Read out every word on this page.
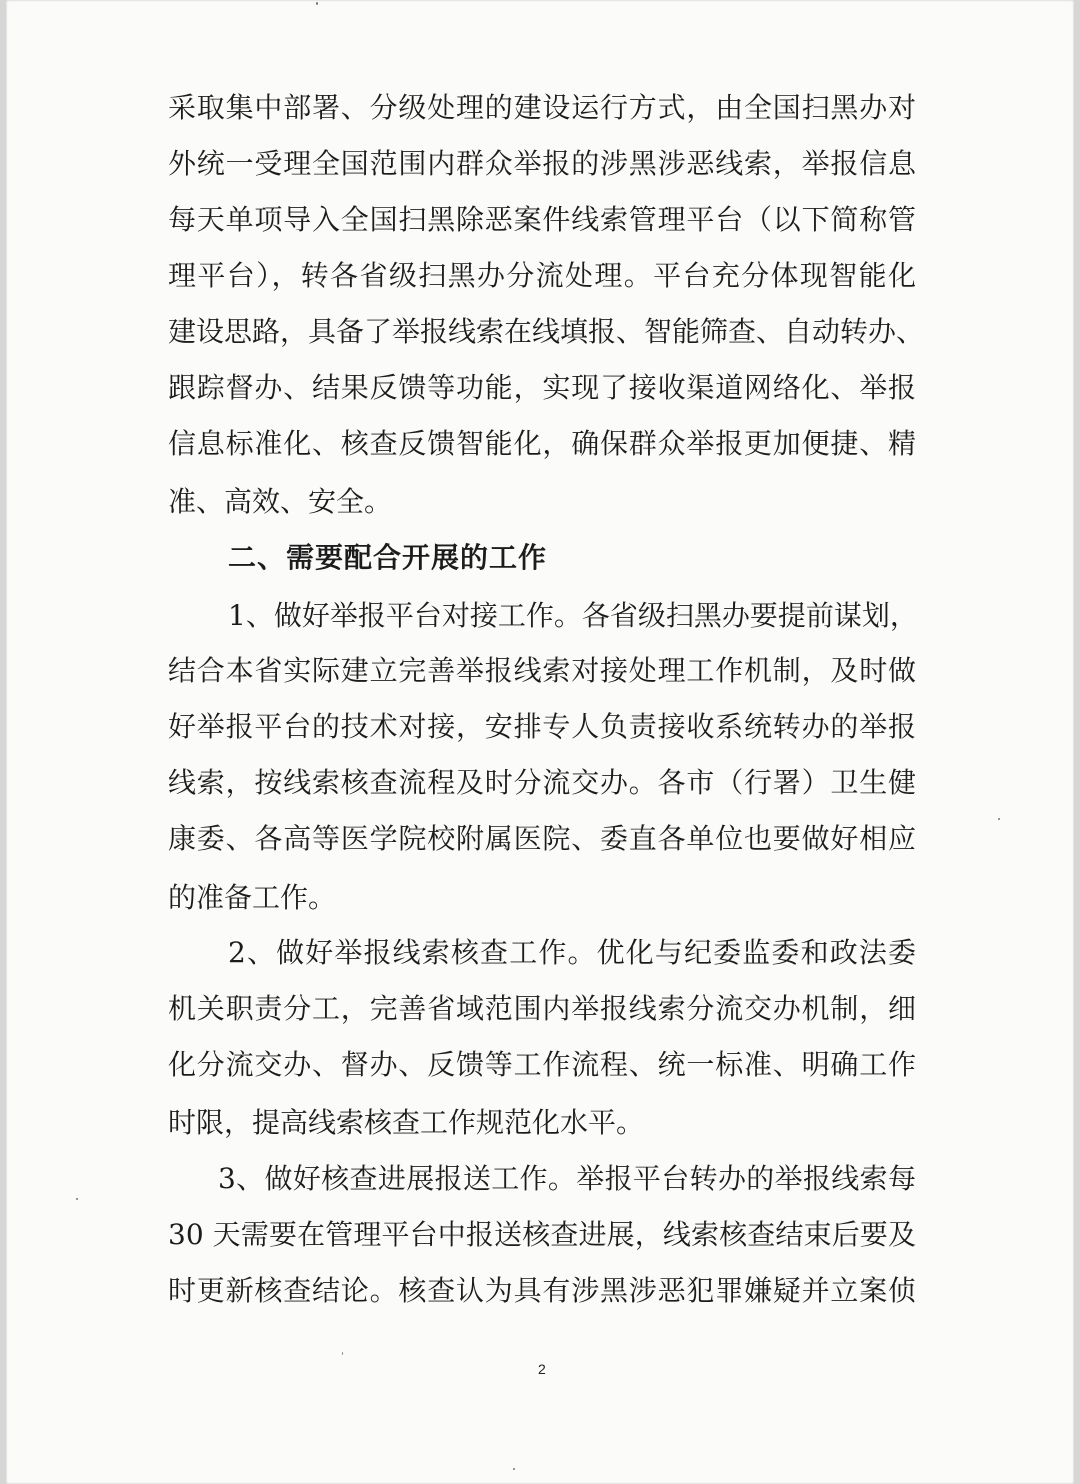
采取集中部署、分级处理的建设运行方式，由全国扫黑办对
外统一受理全国范围内群众举报的涉黑涉恶线索，举报信息
每天单项导入全国扫黑除恶案件线索管理平台（以下简称管
理平台），转各省级扫黑办分流处理。平台充分体现智能化
建设思路，具备了举报线索在线填报、智能筛查、自动转办、
跟踪督办、结果反馈等功能，实现了接收渠道网络化、举报
信息标准化、核查反馈智能化，确保群众举报更加便捷、精
准、高效、安全。
二、需要配合开展的工作
1、做好举报平台对接工作。各省级扫黑办要提前谋划，
结合本省实际建立完善举报线索对接处理工作机制，及时做
好举报平台的技术对接，安排专人负责接收系统转办的举报
线索，按线索核查流程及时分流交办。各市（行署）卫生健
康委、各高等医学院校附属医院、委直各单位也要做好相应
的准备工作。
2、做好举报线索核查工作。优化与纪委监委和政法委
机关职责分工，完善省域范围内举报线索分流交办机制，细
化分流交办、督办、反馈等工作流程、统一标准、明确工作
时限，提高线索核查工作规范化水平。
3、做好核查进展报送工作。举报平台转办的举报线索每
30 天需要在管理平台中报送核查进展，线索核查结束后要及
时更新核查结论。核查认为具有涉黑涉恶犯罪嫌疑并立案侦
2
